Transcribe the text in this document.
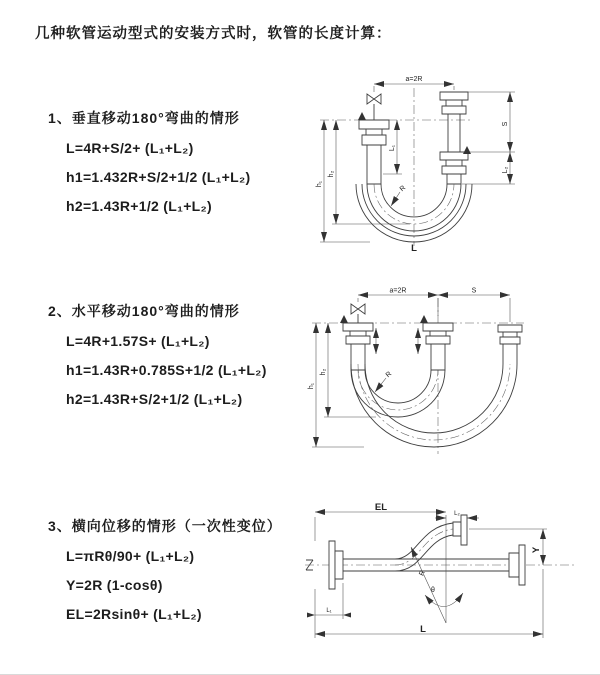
几种软管运动型式的安装方式时，软管的长度计算：
1、垂直移动180°弯曲的情形
L=4R+S/2+ (L₁+L₂)
h1=1.432R+S/2+1/2 (L₁+L₂)
h2=1.43R+1/2 (L₁+L₂)
2、水平移动180°弯曲的情形
L=4R+1.57S+ (L₁+L₂)
h1=1.43R+0.785S+1/2 (L₁+L₂)
h2=1.43R+S/2+1/2 (L₁+L₂)
3、横向位移的情形（一次性变位）
L=πRθ/90+ (L₁+L₂)
Y=2R (1-cosθ)
EL=2Rsinθ+ (L₁+L₂)
a=2R
R
h₁
h₂
L₁
S
L₂
L
a=2R	S
R
h₁
h₂
R
θ
EL
L₂
Y
L
L₁
